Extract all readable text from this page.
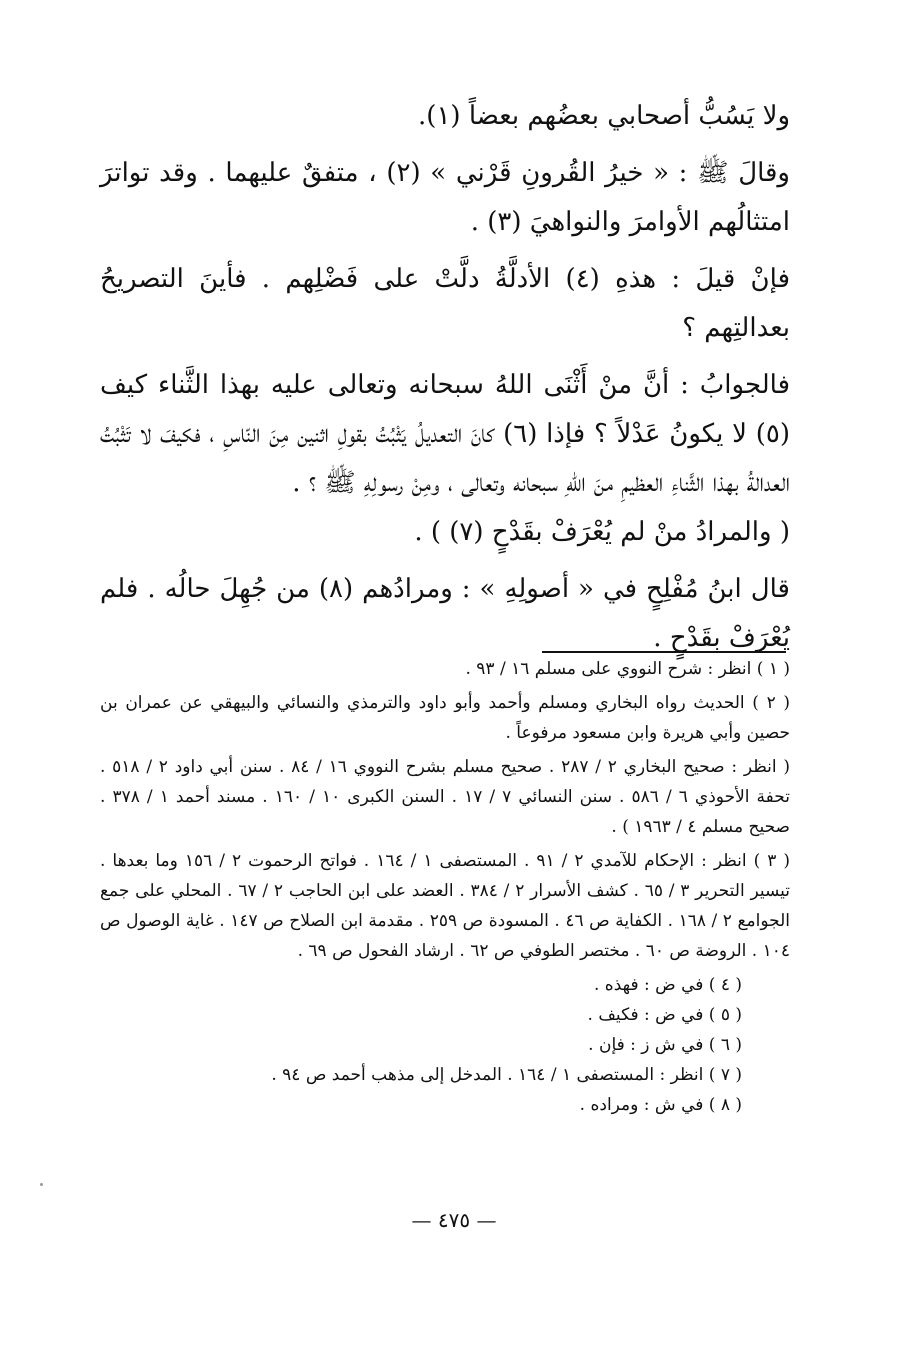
ولا يَسُبُّ أصحابي بعضُهم بعضاً (١).

وقالَ ﷺ : « خيرُ القُرونِ قَرْني » (٢) ، متفقٌ عليهما . وقد تواترَ امتثالُهم الأوامرَ والنواهيَ (٣) .

فإنْ قيلَ : هذهِ (٤) الأدلَّةُ دلَّتْ على فَضْلِهم . فأينَ التصريحُ بعدالتِهم ؟

فالجوابُ : أنَّ منْ أَثْنَى اللهُ سبحانه وتعالى عليه بهذا الثَّناء كيف (٥) لا يكونُ عَدْلاً ؟ فإذا (٦) كانَ التعديلُ يَثْبُتُ بقولِ اثنين مِنَ النّاسِ ، فكيفَ لا تَثْبُتُ العدالةُ بهذا الثَّناءِ العظيمِ منَ اللهِ سبحانه وتعالى ، ومِنْ رسولِهِ ﷺ ؟ .

( والمرادُ منْ لم يُعْرَفْ بقَدْحٍ (٧) ) .

قال ابنُ مُفْلِحٍ في « أصولِهِ » : ومرادُهم (٨) من جُهِلَ حالُه . فلم يُعْرَفْ بقَدْحٍ .

( ١ ) انظر : شرح النووي على مسلم ١٦ / ٩٣ .

( ٢ ) الحديث رواه البخاري ومسلم وأحمد وأبو داود والترمذي والنسائي والبيهقي عن عمران بن حصين وأبي هريرة وابن مسعود مرفوعاً .

( انظر : صحيح البخاري ٢ / ٢٨٧ . صحيح مسلم بشرح النووي ١٦ / ٨٤ . سنن أبي داود ٢ / ٥١٨ . تحفة الأحوذي ٦ / ٥٨٦ . سنن النسائي ٧ / ١٧ . السنن الكبرى ١٠ / ١٦٠ . مسند أحمد ١ / ٣٧٨ . صحيح مسلم ٤ / ١٩٦٣ ) .

( ٣ ) انظر : الإحكام للآمدي ٢ / ٩١ . المستصفى ١ / ١٦٤ . فواتح الرحموت ٢ / ١٥٦ وما بعدها . تيسير التحرير ٣ / ٦٥ . كشف الأسرار ٢ / ٣٨٤ . العضد على ابن الحاجب ٢ / ٦٧ . المحلي على جمع الجوامع ٢ / ١٦٨ . الكفاية ص ٤٦ . المسودة ص ٢٥٩ . مقدمة ابن الصلاح ص ١٤٧ . غاية الوصول ص ١٠٤ . الروضة ص ٦٠ . مختصر الطوفي ص ٦٢ . ارشاد الفحول ص ٦٩ .

( ٤ ) في ض : فهذه .

( ٥ ) في ض : فكيف .

( ٦ ) في ش ز : فإن .

( ٧ ) انظر : المستصفى ١ / ١٦٤ . المدخل إلى مذهب أحمد ص ٩٤ .

( ٨ ) في ش : ومراده .

— ٤٧٥ —
